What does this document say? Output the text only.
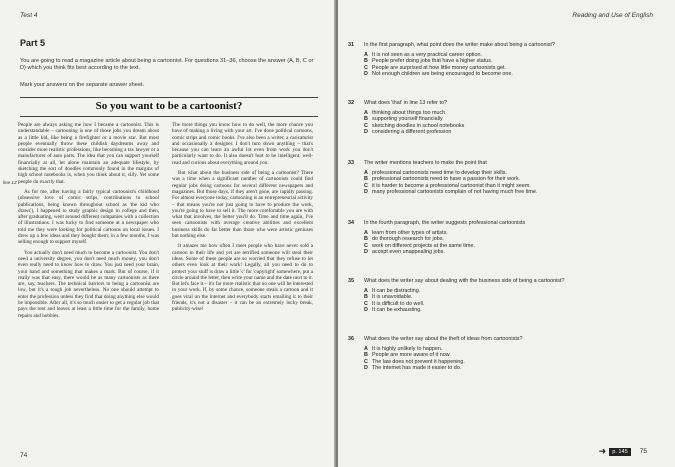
Test 4
Part 5
You are going to read a magazine article about being a cartoonist. For questions 31–36, choose the answer (A, B, C or D) which you think fits best according to the text.
Mark your answers on the separate answer sheet.
So you want to be a cartoonist?
line 13

People are always asking me how I became a cartoonist. This is understandable – cartooning is one of those jobs you dream about as a little kid, like being a firefighter or a movie star. But most people eventually throw these childish daydreams away and consider more realistic professions, like becoming a tax lawyer or a manufacturer of auto parts. The idea that you can support yourself financially at all, let alone maintain an adequate lifestyle, by sketching the sort of doodles commonly found in the margins of high school notebooks is, when you think about it, silly. Yet some people do exactly that.

As for me, after having a fairly typical cartoonist's childhood (obsessive love of comic strips, contributions to school publications, being known throughout school as 'the kid who draws'), I happened to study graphic design in college and then, after graduating, went around different companies with a collection of illustrations. I was lucky to find someone at a newspaper who told me they were looking for political cartoons on local issues. I drew up a few ideas and they bought them; in a few months, I was selling enough to support myself.

You actually don't need much to become a cartoonist. You don't need a university degree, you don't need much money, you don't even really need to know how to draw. You just need your brain, your hand and something that makes a mark. But of course, if it really was that easy, there would be as many cartoonists as there are, say, teachers. The technical barriers to being a cartoonist are low, but it's a tough job nevertheless. No one should attempt to enter the profession unless they find that doing anything else would be impossible. After all, it's so much easier to get a regular job that pays the rent and leaves at least a little time for the family, home repairs and hobbies.

The more things you know how to do well, the more chance you have of making a living with your art. I've done political cartoons, comic strips and comic books. I've also been a writer, a caricaturist and occasionally a designer. I don't turn down anything – that's because you can learn an awful lot even from work you don't particularly want to do. It also doesn't hurt to be intelligent, well-read and curious about everything around you.

But what about the business side of being a cartoonist? There was a time when a significant number of cartoonists could find regular jobs doing cartoons for several different newspapers and magazines. But those days, if they aren't gone, are rapidly passing. For almost everyone today, cartooning is an entrepreneurial activity – that means you're not just going to have to produce the work, you're going to have to sell it. The more comfortable you are with what that involves, the better you'll do. Time and time again, I've seen cartoonists with average creative abilities and excellent business skills do far better than those who were artistic geniuses but nothing else.

It amazes me how often I meet people who have never sold a cartoon in their life and yet are terrified someone will steal their ideas. Some of these people are so worried that they refuse to let others even look at their work! Legally, all you need to do to protect your stuff is draw a little 'c' for 'copyright' somewhere, put a circle around the letter, then write your name and the date next to it. But let's face it – it's far more realistic that no one will be interested in your work. If, by some chance, someone steals a cartoon and it goes viral on the internet and everybody starts emailing it to their friends, it's not a disaster – it can be an extremely lucky break, publicity-wise!

74
Reading and Use of English
31 In the first paragraph, what point does the writer make about being a cartoonist?
A It is not seen as a very practical career option.
B People prefer doing jobs that have a higher status.
C People are surprised at how little money cartoonists get.
D Not enough children are being encouraged to become one.
32 What does 'that' in line 13 refer to?
A thinking about things too much
B supporting yourself financially
C sketching doodles in school notebooks
D considering a different profession
33 The writer mentions teachers to make the point that
A professional cartoonists need time to develop their skills.
B professional cartoonists need to have a passion for their work.
C it is harder to become a professional cartoonist than it might seem.
D many professional cartoonists complain of not having much free time.
34 In the fourth paragraph, the writer suggests professional cartoonists
A learn from other types of artists.
B do thorough research for jobs.
C work on different projects at the same time.
D accept even unappealing jobs.
35 What does the writer say about dealing with the business side of being a cartoonist?
A It can be distracting.
B It is unavoidable.
C It is difficult to do well.
D It can be exhausting.
36 What does the writer say about the theft of ideas from cartoonists?
A It is highly unlikely to happen.
B People are more aware of it now.
C The law does not prevent it happening.
D The internet has made it easier to do.
➜	p. 145	75
